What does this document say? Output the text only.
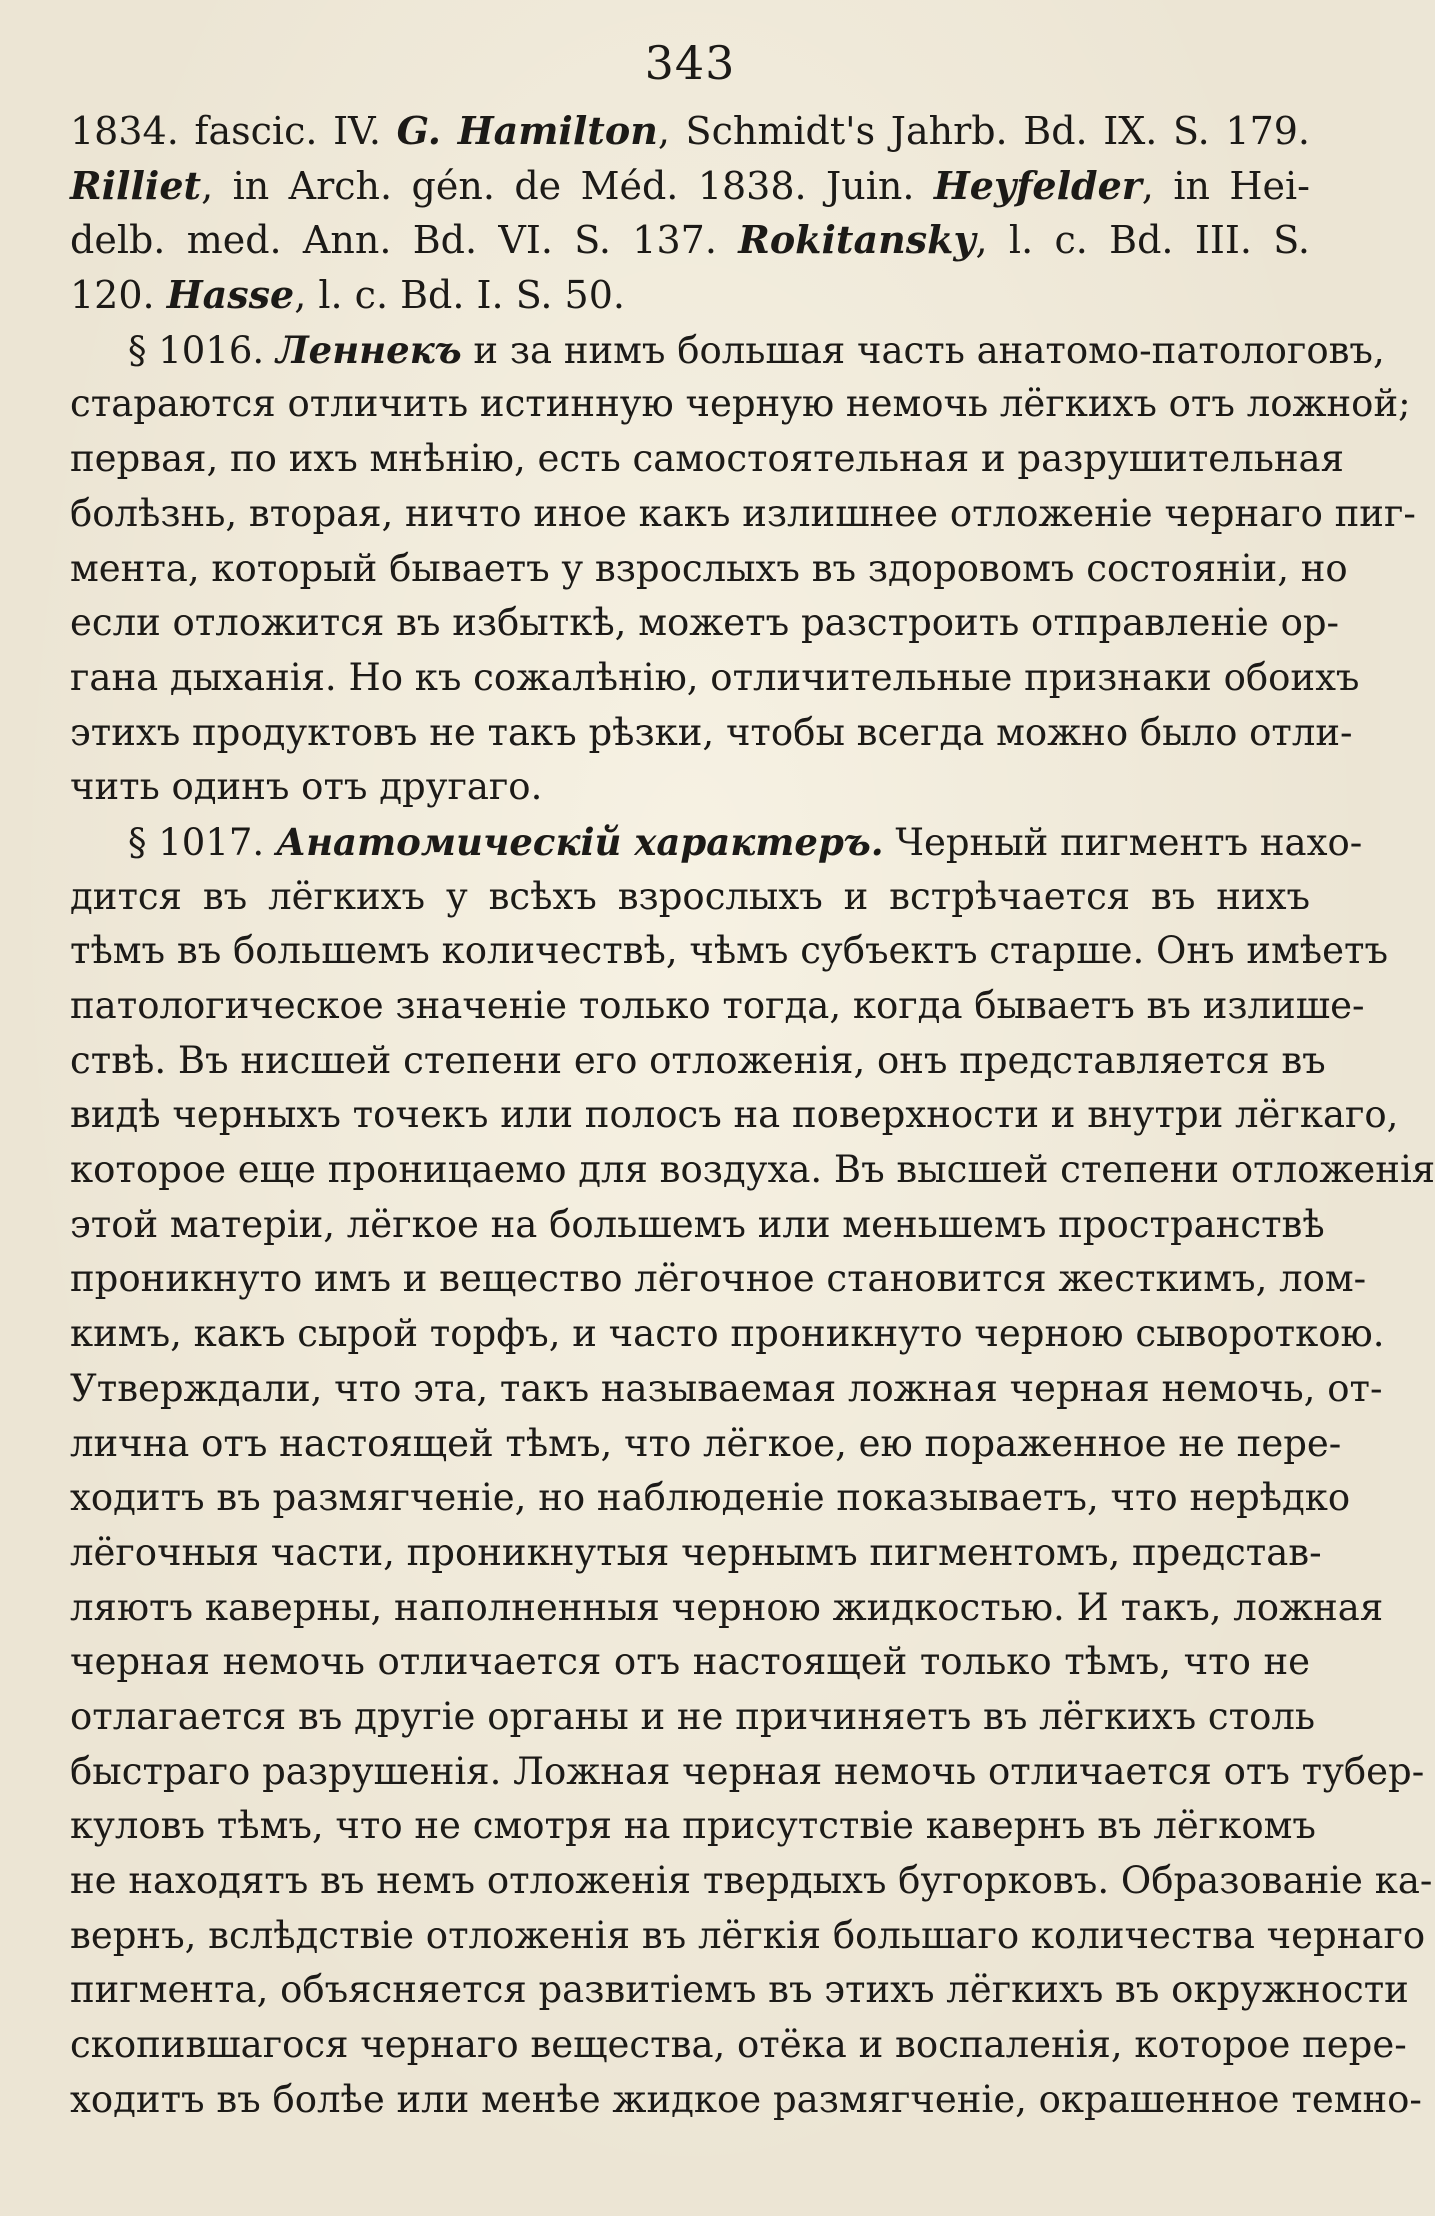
343
1834. fascic. IV. G. Hamilton, Schmidt's Jahrb. Bd. IX. S. 179.
Rilliet, in Arch. gén. de Méd. 1838. Juin. Heyfelder, in Hei-
delb. med. Ann. Bd. VI. S. 137. Rokitansky, l. c. Bd. III. S.
120. Hasse, l. c. Bd. I. S. 50.
§ 1016. Леннекъ и за нимъ большая часть анатомо-патологовъ,
стараются отличить истинную черную немочь лёгкихъ отъ ложной;
первая, по ихъ мнѣнію, есть самостоятельная и разрушительная
болѣзнь, вторая, ничто иное какъ излишнее отложеніе чернаго пиг-
мента, который бываетъ у взрослыхъ въ здоровомъ состояніи, но
если отложится въ избыткѣ, можетъ разстроить отправленіе ор-
гана дыханія. Но къ сожалѣнію, отличительные признаки обоихъ
этихъ продуктовъ не такъ рѣзки, чтобы всегда можно было отли-
чить одинъ отъ другаго.
§ 1017. Анатомическій характеръ. Черный пигментъ нахо-
дится въ лёгкихъ у всѣхъ взрослыхъ и встрѣчается въ нихъ
тѣмъ въ большемъ количествѣ, чѣмъ субъектъ старше. Онъ имѣетъ
патологическое значеніе только тогда, когда бываетъ въ излише-
ствѣ. Въ нисшей степени его отложенія, онъ представляется въ
видѣ черныхъ точекъ или полосъ на поверхности и внутри лёгкаго,
которое еще проницаемо для воздуха. Въ высшей степени отложенія
этой матеріи, лёгкое на большемъ или меньшемъ пространствѣ
проникнуто имъ и вещество лёгочное становится жесткимъ, лом-
кимъ, какъ сырой торфъ, и часто проникнуто черною сывороткою.
Утверждали, что эта, такъ называемая ложная черная немочь, от-
лична отъ настоящей тѣмъ, что лёгкое, ею пораженное не пере-
ходитъ въ размягченіе, но наблюденіе показываетъ, что нерѣдко
лёгочныя части, проникнутыя чернымъ пигментомъ, представ-
ляютъ каверны, наполненныя черною жидкостью. И такъ, ложная
черная немочь отличается отъ настоящей только тѣмъ, что не
отлагается въ другіе органы и не причиняетъ въ лёгкихъ столь
быстраго разрушенія. Ложная черная немочь отличается отъ тубер-
куловъ тѣмъ, что не смотря на присутствіе кавернъ въ лёгкомъ
не находятъ въ немъ отложенія твердыхъ бугорковъ. Образованіе ка-
вернъ, вслѣдствіе отложенія въ лёгкія большаго количества чернаго
пигмента, объясняется развитіемъ въ этихъ лёгкихъ въ окружности
скопившагося чернаго вещества, отёка и воспаленія, которое пере-
ходитъ въ болѣе или менѣе жидкое размягченіе, окрашенное темно-
